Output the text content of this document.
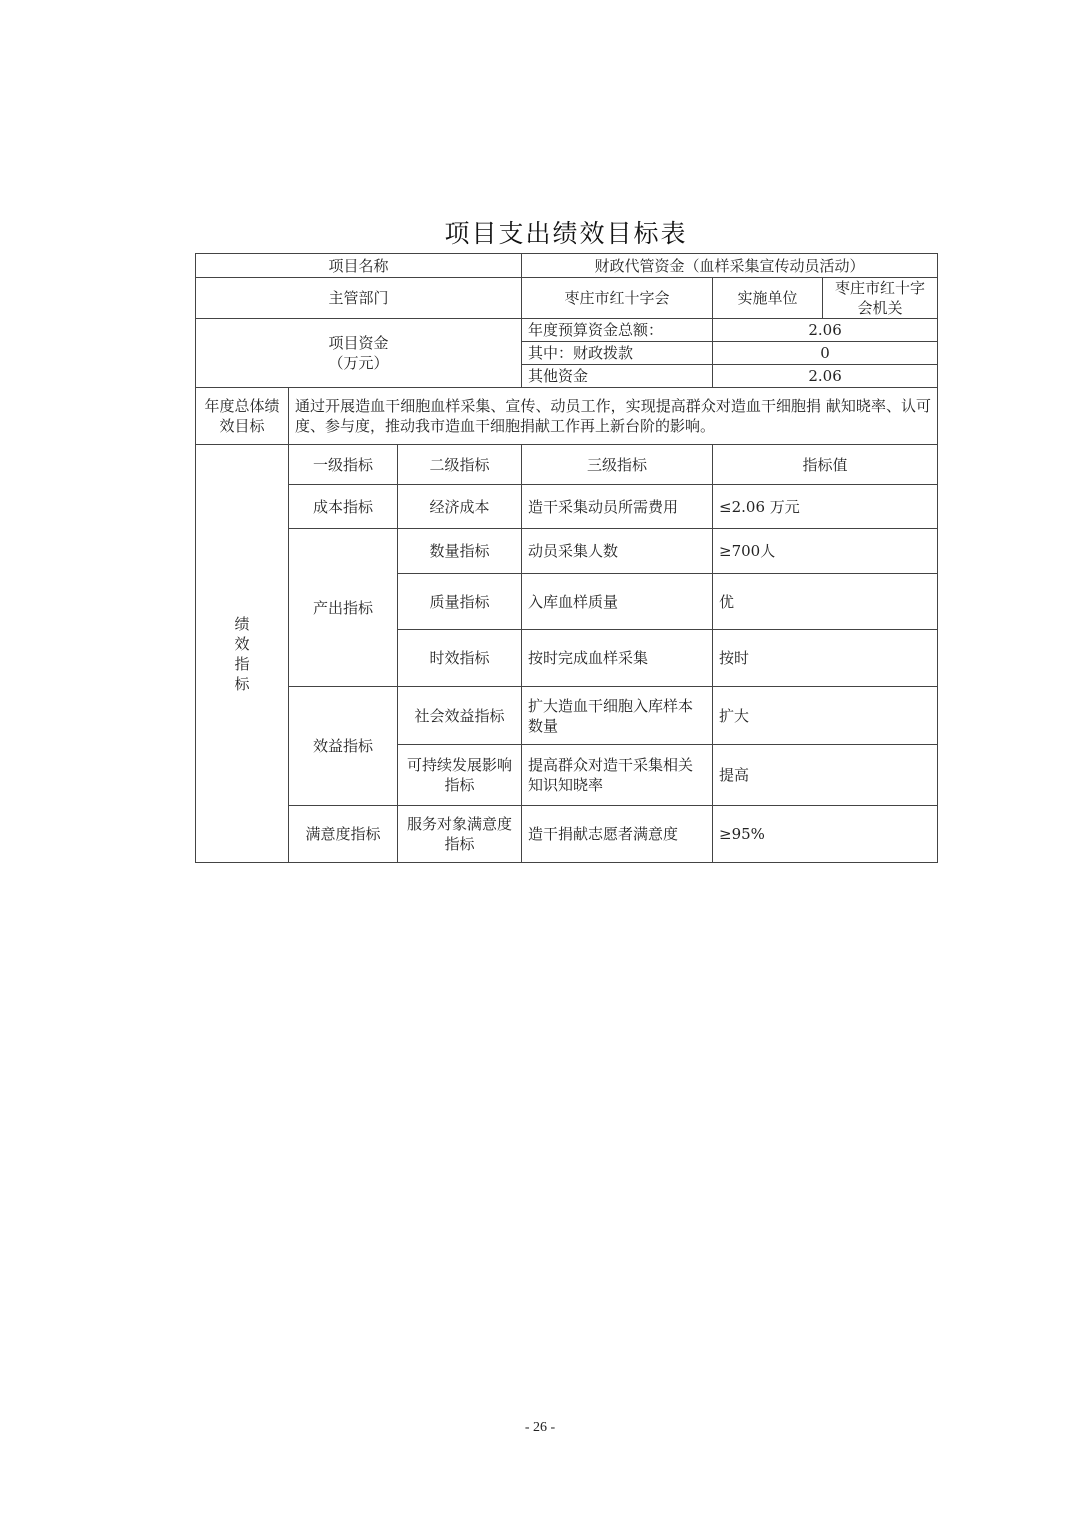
项目支出绩效目标表
项目名称			财政代管资金（血样采集宣传动员活动）		
主管部门			枣庄市红十字会	实施单位	枣庄市红十字会机关

项目资金
（万元）			年度预算资金总额：	2.06	
			其中：财政拨款	0	
			其他资金	2.06	
年度总体绩效目标	通过开展造血干细胞血样采集、宣传、动员工作，实现提高群众对造血干细胞捐 献知晓率、认可度、参与度，推动我市造血干细胞捐献工作再上新台阶的影响。				

绩效指标	一级指标	二级指标	三级指标	指标值	
	成本指标	经济成本	造干采集动员所需费用	≤2.06 万元	
	产出指标	数量指标	动员采集人数	≥700人	
		质量指标	入库血样质量	优	
		时效指标	按时完成血样采集	按时	
	效益指标	社会效益指标	扩大造血干细胞入库样本数量	扩大	
		可持续发展影响指标	提高群众对造干采集相关知识知晓率	提高	
	满意度指标	服务对象满意度指标	造干捐献志愿者满意度	≥95%	
- 26 -
